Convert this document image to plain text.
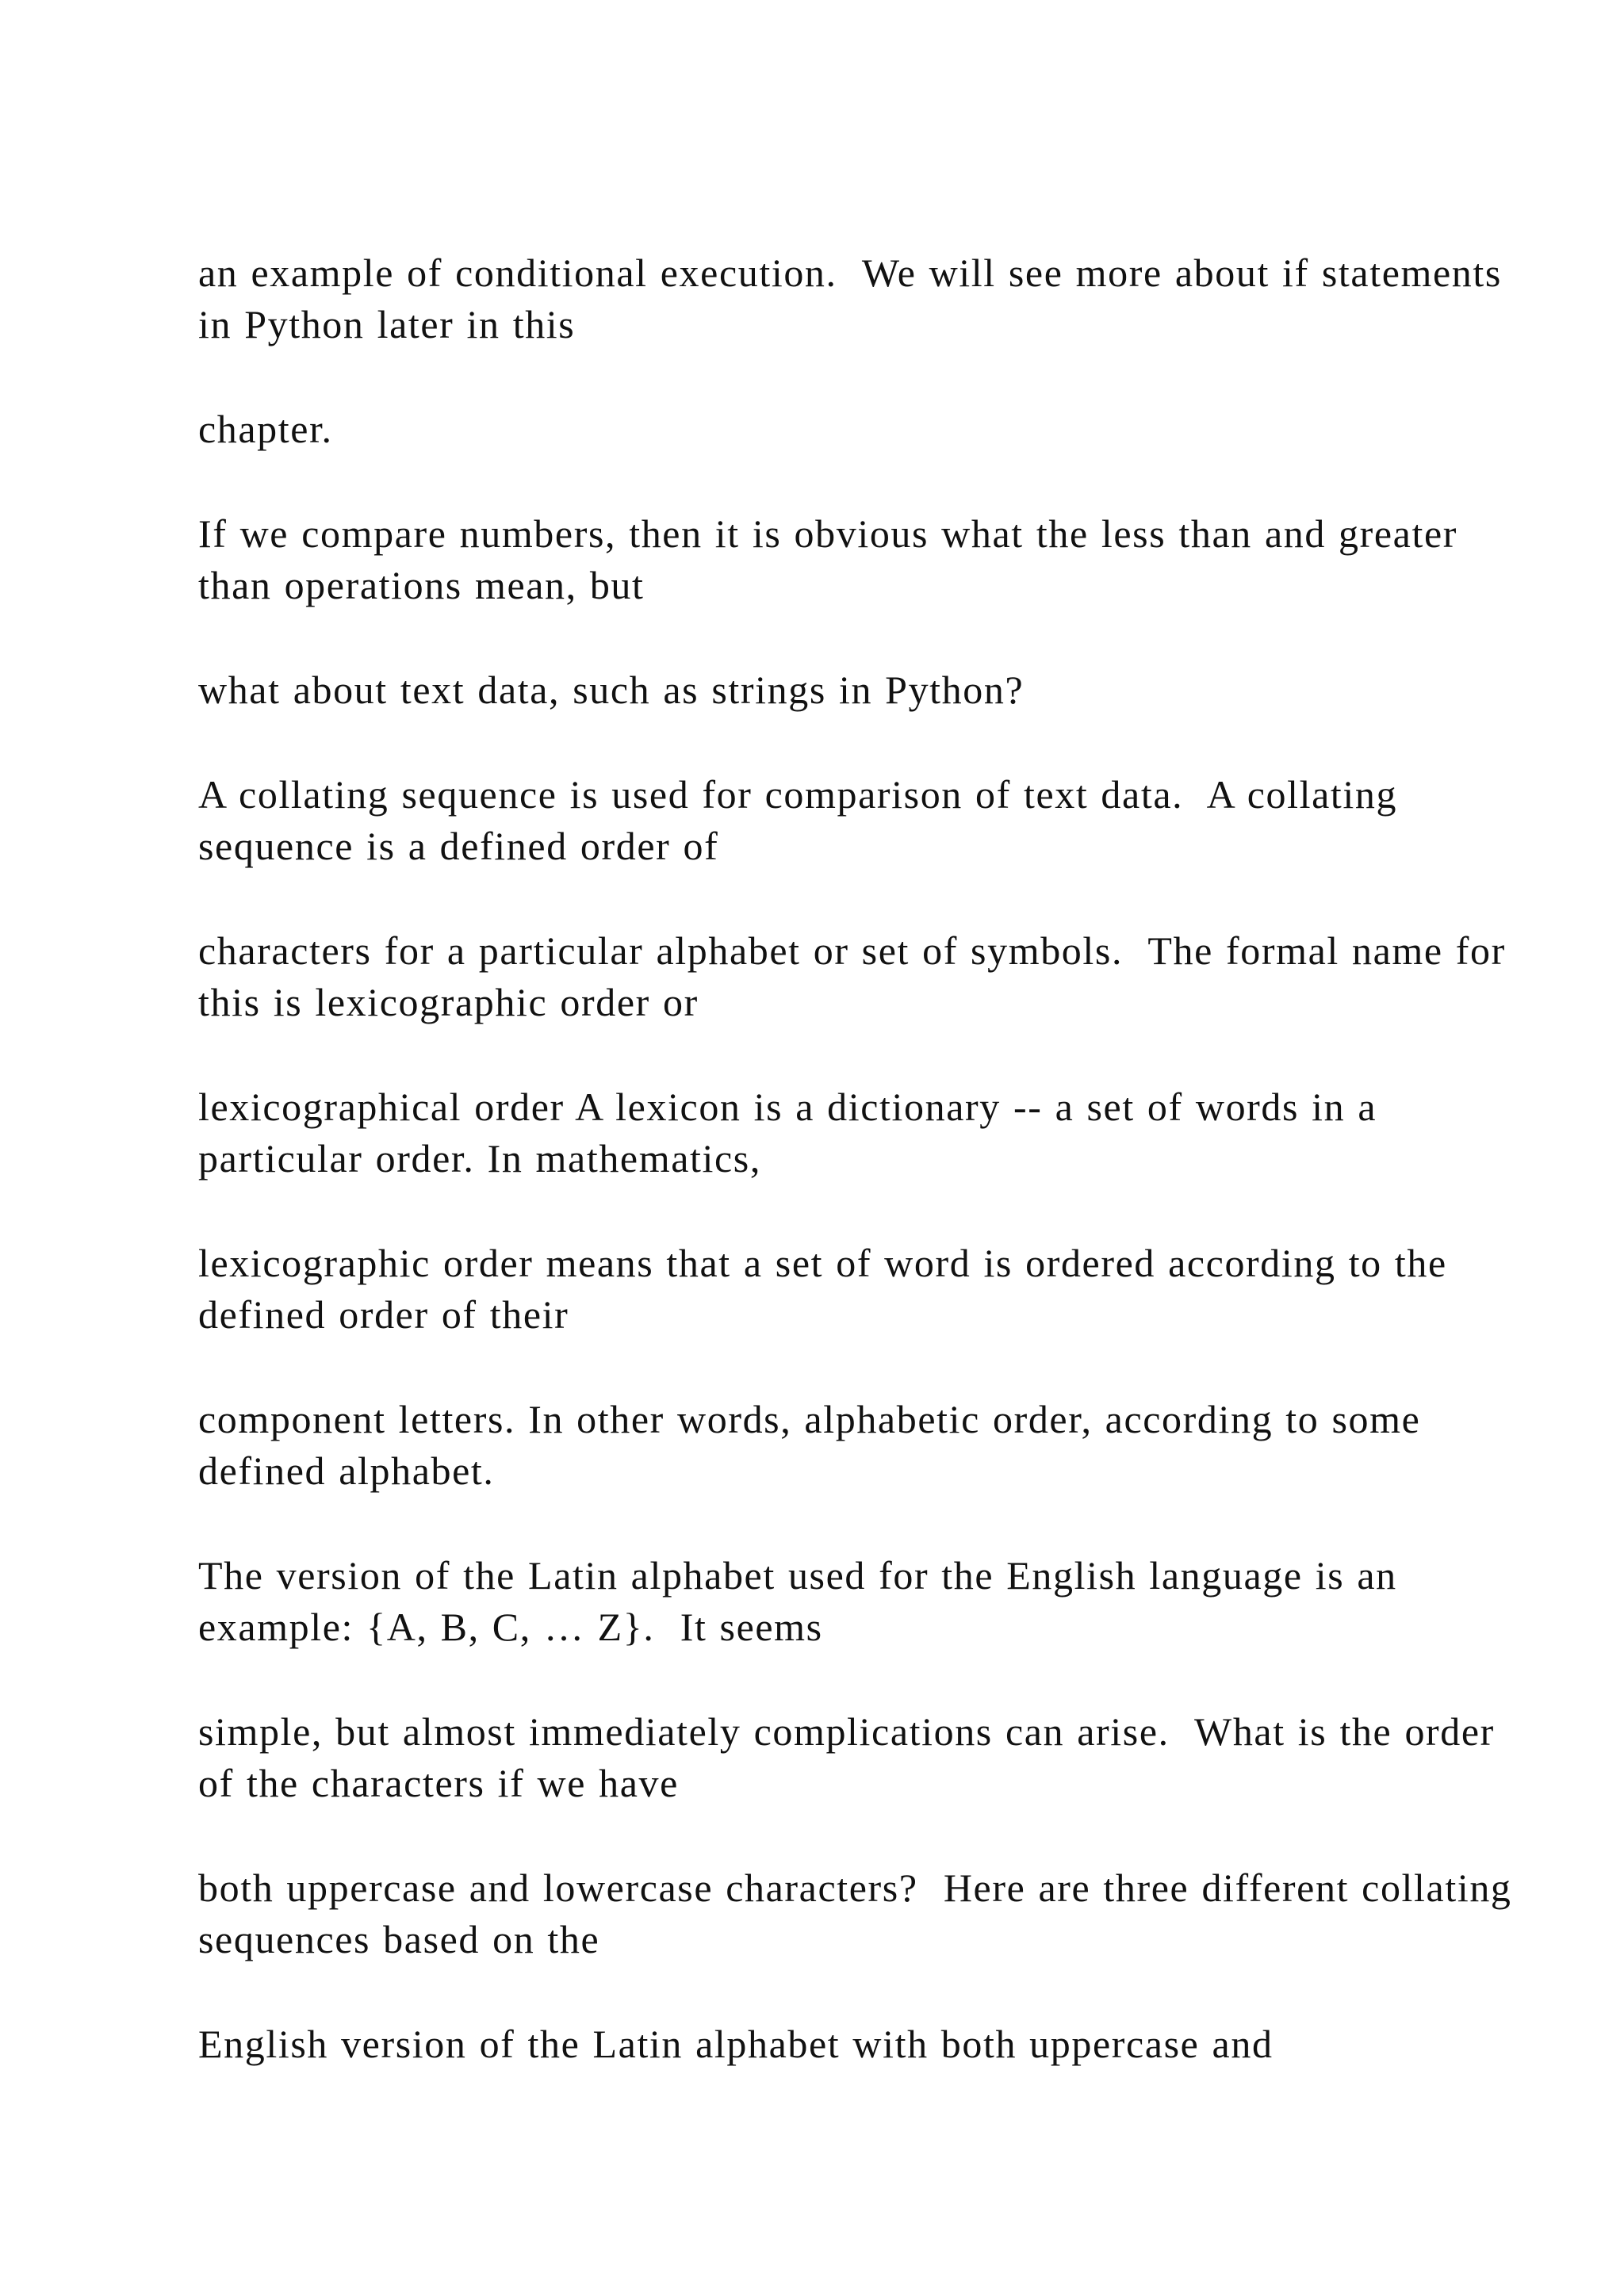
an example of conditional execution.  We will see more about if statements in Python later in this

chapter.

If we compare numbers, then it is obvious what the less than and greater than operations mean, but

what about text data, such as strings in Python?

A collating sequence is used for comparison of text data.  A collating sequence is a defined order of

characters for a particular alphabet or set of symbols.  The formal name for this is lexicographic order or

lexicographical order A lexicon is a dictionary -- a set of words in a particular order. In mathematics,

lexicographic order means that a set of word is ordered according to the defined order of their

component letters. In other words, alphabetic order, according to some defined alphabet.

The version of the Latin alphabet used for the English language is an example: {A, B, C, … Z}.  It seems

simple, but almost immediately complications can arise.  What is the order of the characters if we have

both uppercase and lowercase characters?  Here are three different collating sequences based on the

English version of the Latin alphabet with both uppercase and
